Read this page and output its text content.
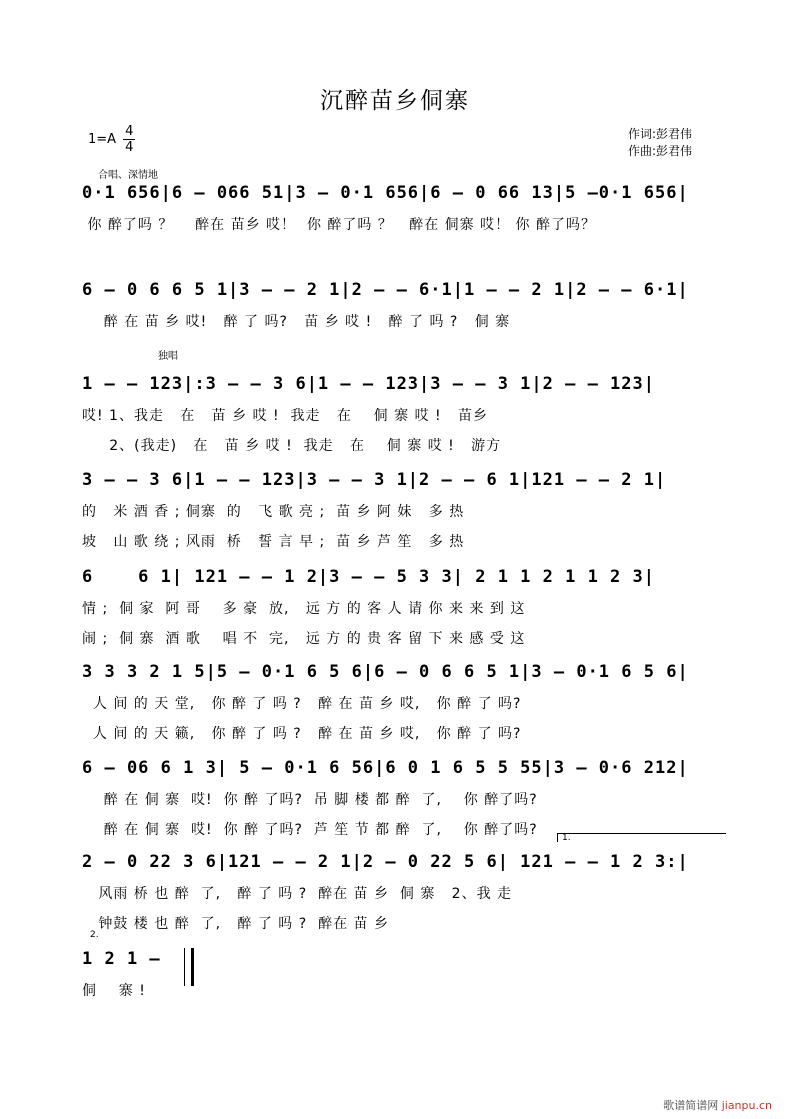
沉醉苗乡侗寨
$1=A \frac{4}{4}$	作词:彭君伟
作曲:彭君伟
合唱、深情地
独唱
0·1 656|6 – 066 51|3 – 0·1 656|6 – 0 66 13|5 –0·1 656|
你 醉了吗 ？    醉在 苗乡 哎！  你 醉了吗 ？   醉在 侗寨 哎！ 你 醉了吗？
6 – 0 6 6 5 1|3 – – 2 1|2 – – 6·1|1 – – 2 1|2 – – 6·1|
醉 在 苗 乡 哎!   醉 了 吗?   苗 乡 哎 !   醉 了 吗 ?   侗 寨
1 – – 123|:3 – – 3 6|1 – – 123|3 – – 3 1|2 – – 123|
哎! 1、我走   在   苗 乡 哎 !  我走   在    侗 寨 哎 !   苗乡
2、(我走)   在   苗 乡 哎 !  我走   在    侗 寨 哎 !   游方
3 – – 3 6|1 – – 123|3 – – 3 1|2 – – 6 1|121 – – 2 1|
的   米 酒 香 ; 侗寨  的   飞 歌 亮 ;  苗 乡 阿 妹   多 热
坡   山 歌 绕 ; 风雨  桥   誓 言 早 ;  苗 乡 芦 笙   多 热
6    6 1| 121 – – 1 2|3 – – 5 3 3| 2 1 1 2 1 1 2 3|
情 ;  侗 家  阿 哥    多 豪  放,   远 方 的 客 人 请 你 来 来 到 这
闹 ;  侗 寨  酒 歌    唱 不  完,   远 方 的 贵 客 留 下 来 感 受 这
3 3 3 2 1 5|5 – 0·1 6 5 6|6 – 0 6 6 5 1|3 – 0·1 6 5 6|
人 间 的 天 堂,   你 醉 了 吗 ?   醉 在 苗 乡 哎,   你 醉 了 吗?
人 间 的 天 籁,   你 醉 了 吗 ?   醉 在 苗 乡 哎,   你 醉 了 吗?
6 – 06 6 1 3| 5 – 0·1 6 56|6 0 1 6 5 5 55|3 – 0·6 212|
醉 在 侗 寨  哎!  你 醉 了吗?  吊 脚 楼 都 醉  了,    你 醉了吗?
醉 在 侗 寨  哎!  你 醉 了吗?  芦 笙 节 都 醉  了,    你 醉了吗?	1.
2 – 0 22 3 6|121 – – 2 1|2 – 0 22 5 6| 121 – – 1 2 3:|
风雨 桥 也 醉  了,   醉 了 吗 ?  醉在 苗 乡  侗 寨   2、我 走
钟鼓 楼 也 醉  了,   醉 了 吗 ?  醉在 苗 乡
2.
1 2 1 –
侗    寨 !
歌谱简谱网 jianpu.cn
